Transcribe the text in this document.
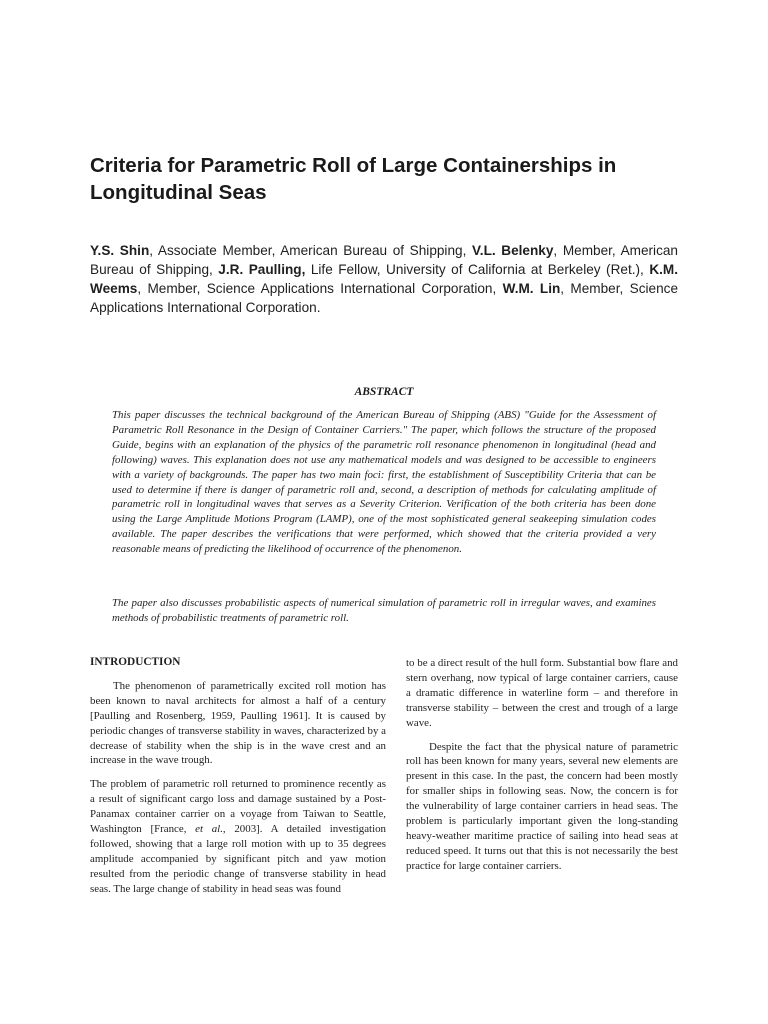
Criteria for Parametric Roll of Large Containerships in Longitudinal Seas

Y.S. Shin, Associate Member, American Bureau of Shipping, V.L. Belenky, Member, American Bureau of Shipping, J.R. Paulling, Life Fellow, University of California at Berkeley (Ret.), K.M. Weems, Member, Science Applications International Corporation, W.M. Lin, Member, Science Applications International Corporation.

ABSTRACT

This paper discusses the technical background of the American Bureau of Shipping (ABS) "Guide for the Assessment of Parametric Roll Resonance in the Design of Container Carriers." The paper, which follows the structure of the proposed Guide, begins with an explanation of the physics of the parametric roll resonance phenomenon in longitudinal (head and following) waves. This explanation does not use any mathematical models and was designed to be accessible to engineers with a variety of backgrounds. The paper has two main foci: first, the establishment of Susceptibility Criteria that can be used to determine if there is danger of parametric roll and, second, a description of methods for calculating amplitude of parametric roll in longitudinal waves that serves as a Severity Criterion. Verification of the both criteria has been done using the Large Amplitude Motions Program (LAMP), one of the most sophisticated general seakeeping simulation codes available. The paper describes the verifications that were performed, which showed that the criteria provided a very reasonable means of predicting the likelihood of occurrence of the phenomenon.

The paper also discusses probabilistic aspects of numerical simulation of parametric roll in irregular waves, and examines methods of probabilistic treatments of parametric roll.

INTRODUCTION

The phenomenon of parametrically excited roll motion has been known to naval architects for almost a half of a century [Paulling and Rosenberg, 1959, Paulling 1961]. It is caused by periodic changes of transverse stability in waves, characterized by a decrease of stability when the ship is in the wave crest and an increase in the wave trough.

The problem of parametric roll returned to prominence recently as a result of significant cargo loss and damage sustained by a Post-Panamax container carrier on a voyage from Taiwan to Seattle, Washington [France, et al., 2003]. A detailed investigation followed, showing that a large roll motion with up to 35 degrees amplitude accompanied by significant pitch and yaw motion resulted from the periodic change of transverse stability in head seas. The large change of stability in head seas was found

to be a direct result of the hull form. Substantial bow flare and stern overhang, now typical of large container carriers, cause a dramatic difference in waterline form – and therefore in transverse stability – between the crest and trough of a large wave.

Despite the fact that the physical nature of parametric roll has been known for many years, several new elements are present in this case. In the past, the concern had been mostly for smaller ships in following seas. Now, the concern is for the vulnerability of large container carriers in head seas. The problem is particularly important given the long-standing heavy-weather maritime practice of sailing into head seas at reduced speed. It turns out that this is not necessarily the best practice for large container carriers.
